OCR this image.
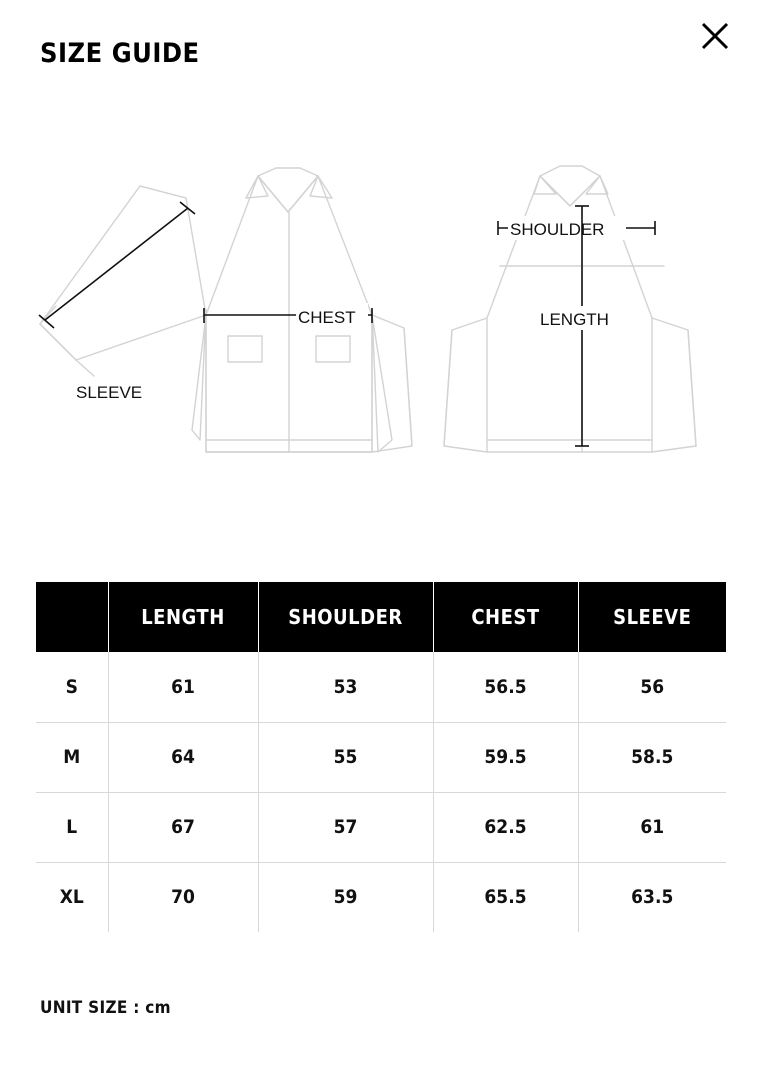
SIZE GUIDE
SLEEVE
CHEST
SHOULDER
LENGTH
	LENGTH	SHOULDER	CHEST	SLEEVE
S	61	53	56.5	56
M	64	55	59.5	58.5
L	67	57	62.5	61
XL	70	59	65.5	63.5
UNIT SIZE : cm
